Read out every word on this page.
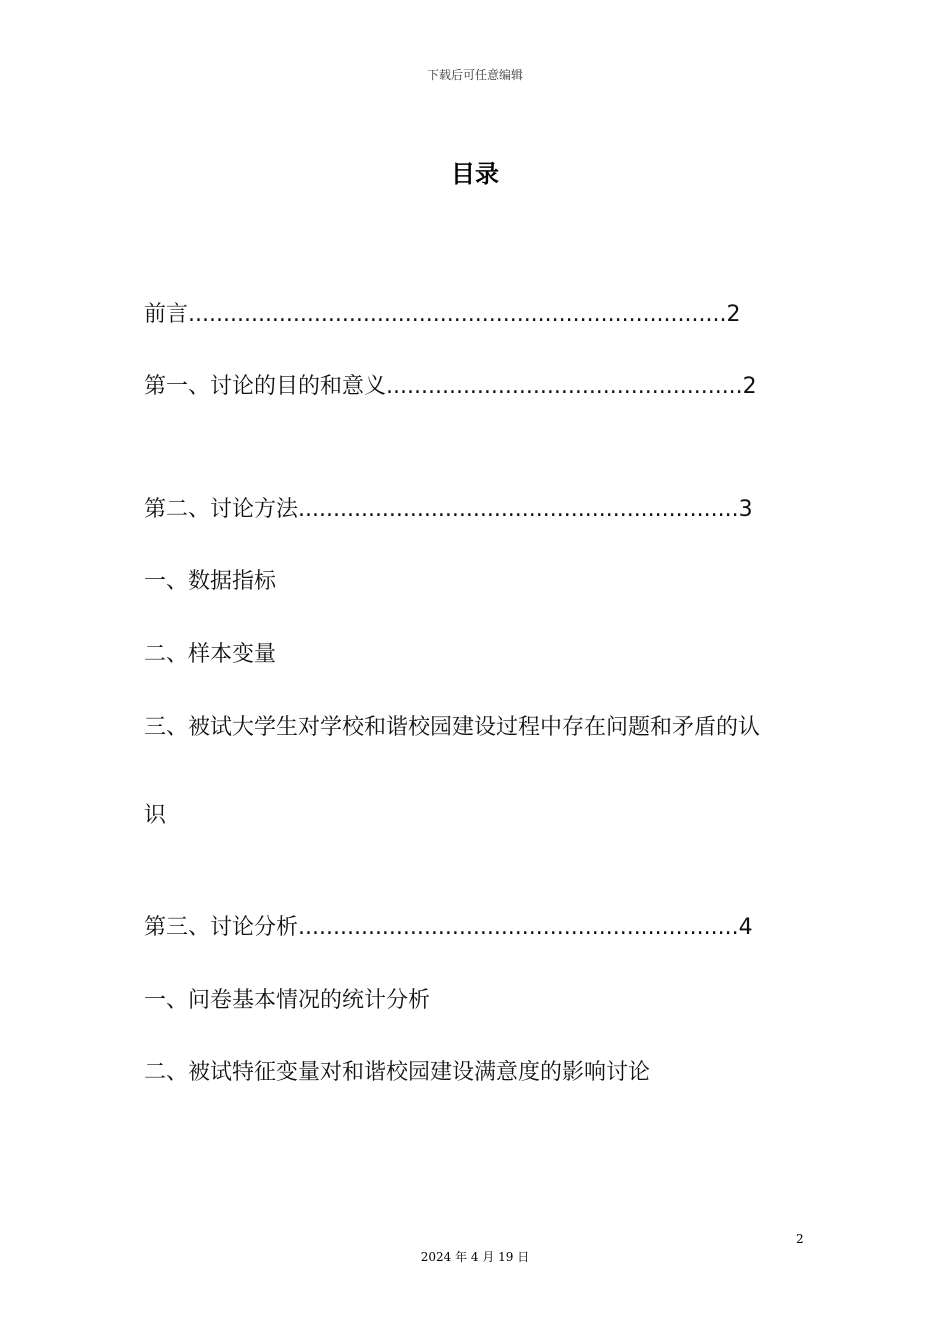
下载后可任意编辑
目录
前言.............................................................................2
第一、讨论的目的和意义...................................................2
第二、讨论方法...............................................................3
一、数据指标
二、样本变量
三、被试大学生对学校和谐校园建设过程中存在问题和矛盾的认
识
第三、讨论分析...............................................................4
一、问卷基本情况的统计分析
二、被试特征变量对和谐校园建设满意度的影响讨论
2
2024 年 4 月 19 日
